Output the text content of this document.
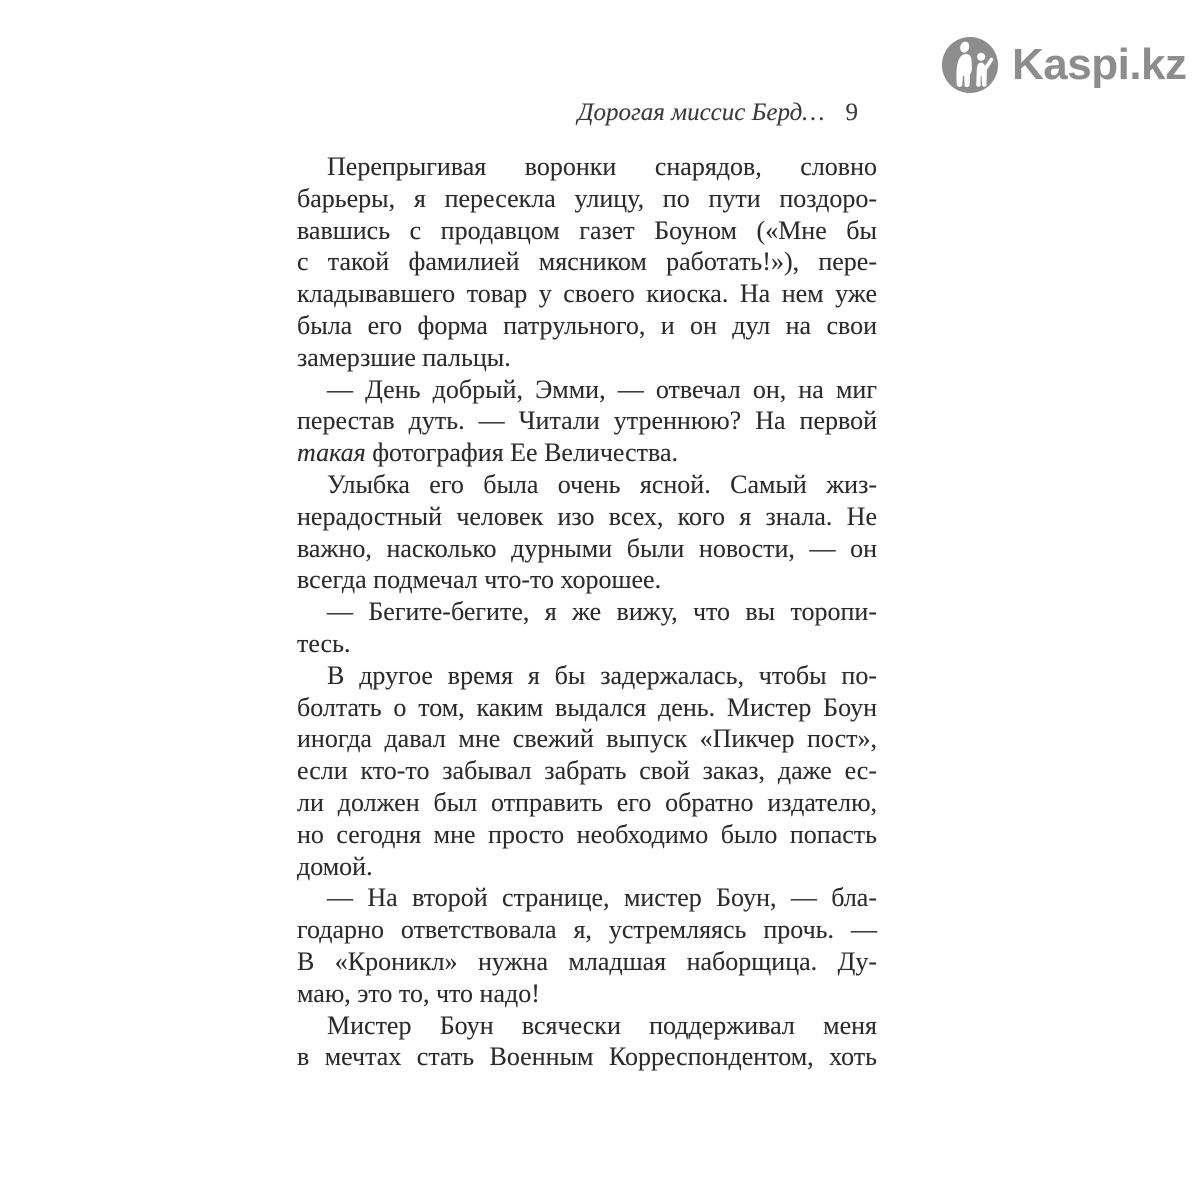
Kaspi.kz
Дорогая миссис Берд… 9
Перепрыгивая воронки снарядов, словно
барьеры, я пересекла улицу, по пути поздоро-
вавшись с продавцом газет Боуном («Мне бы
с такой фамилией мясником работать!»), пере-
кладывавшего товар у своего киоска. На нем уже
была его форма патрульного, и он дул на свои
замерзшие пальцы.
— День добрый, Эмми, — отвечал он, на миг
перестав дуть. — Читали утреннюю? На первой
такая фотография Ее Величества.
Улыбка его была очень ясной. Самый жиз-
нерадостный человек изо всех, кого я знала. Не
важно, насколько дурными были новости, — он
всегда подмечал что-то хорошее.
— Бегите-бегите, я же вижу, что вы торопи-
тесь.
В другое время я бы задержалась, чтобы по-
болтать о том, каким выдался день. Мистер Боун
иногда давал мне свежий выпуск «Пикчер пост»,
если кто-то забывал забрать свой заказ, даже ес-
ли должен был отправить его обратно издателю,
но сегодня мне просто необходимо было попасть
домой.
— На второй странице, мистер Боун, — бла-
годарно ответствовала я, устремляясь прочь. —
В «Кроникл» нужна младшая наборщица. Ду-
маю, это то, что надо!
Мистер Боун всячески поддерживал меня
в мечтах стать Военным Корреспондентом, хоть
